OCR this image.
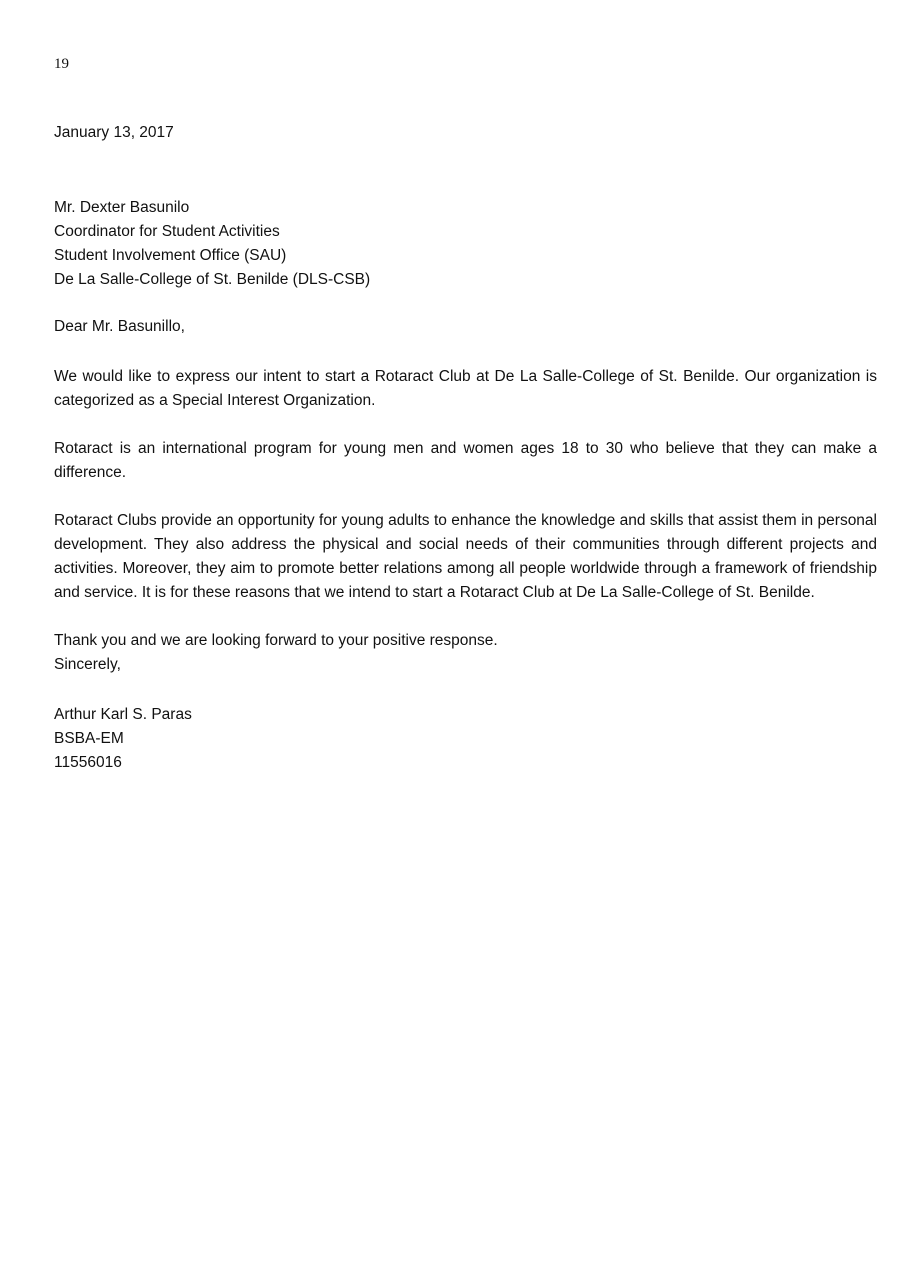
19

January 13, 2017

Mr. Dexter Basunilo
Coordinator for Student Activities
Student Involvement Office (SAU)
De La Salle-College of St. Benilde (DLS-CSB)

Dear Mr. Basunillo,

We would like to express our intent to start a Rotaract Club at De La Salle-College of St. Benilde. Our organization is categorized as a Special Interest Organization.

Rotaract is an international program for young men and women ages 18 to 30 who believe that they can make a difference.

Rotaract Clubs provide an opportunity for young adults to enhance the knowledge and skills that assist them in personal development. They also address the physical and social needs of their communities through different projects and activities. Moreover, they aim to promote better relations among all people worldwide through a framework of friendship and service. It is for these reasons that we intend to start a Rotaract Club at De La Salle-College of St. Benilde.

Thank you and we are looking forward to your positive response.

Sincerely,

Arthur Karl S. Paras
BSBA-EM
11556016
